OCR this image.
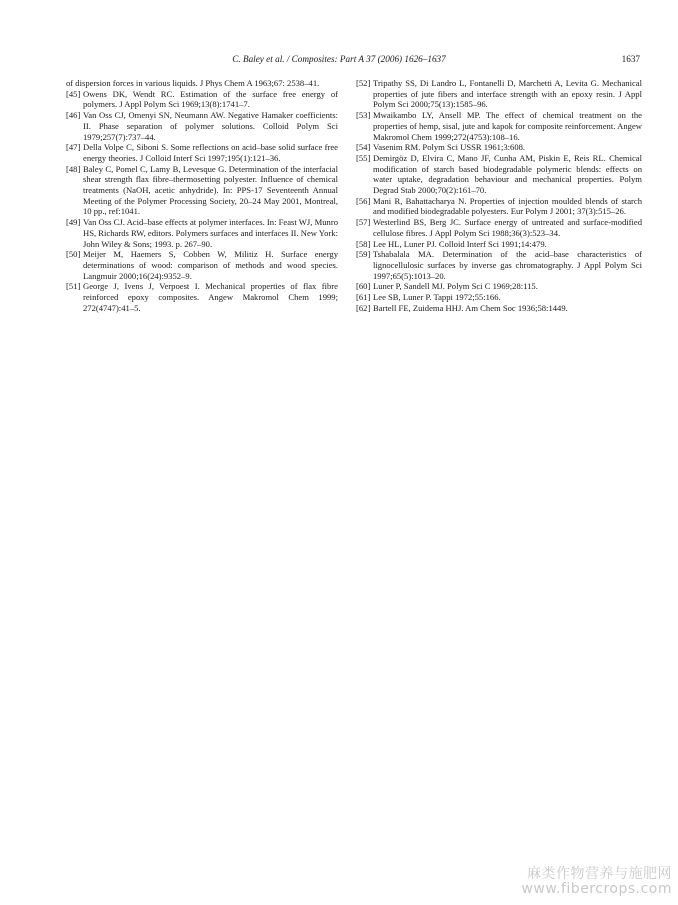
C. Baley et al. / Composites: Part A 37 (2006) 1626–1637	1637

of dispersion forces in various liquids. J Phys Chem A 1963;67: 2538–41.

[45] Owens DK, Wendt RC. Estimation of the surface free energy of polymers. J Appl Polym Sci 1969;13(8):1741–7.

[46] Van Oss CJ, Omenyi SN, Neumann AW. Negative Hamaker coefficients: II. Phase separation of polymer solutions. Colloid Polym Sci 1979;257(7):737–44.

[47] Della Volpe C, Siboni S. Some reflections on acid–base solid surface free energy theories. J Colloid Interf Sci 1997;195(1):121–36.

[48] Baley C, Pomel C, Lamy B, Levesque G. Determination of the interfacial shear strength flax fibre–thermosetting polyester. Influence of chemical treatments (NaOH, acetic anhydride). In: PPS-17 Seventeenth Annual Meeting of the Polymer Processing Society, 20–24 May 2001, Montreal, 10 pp., ref:1041.

[49] Van Oss CJ. Acid–base effects at polymer interfaces. In: Feast WJ, Munro HS, Richards RW, editors. Polymers surfaces and interfaces II. New York: John Wiley & Sons; 1993. p. 267–90.

[50] Meijer M, Haemers S, Cobben W, Militiz H. Surface energy determinations of wood: comparison of methods and wood species. Langmuir 2000;16(24):9352–9.

[51] George J, Ivens J, Verpoest I. Mechanical properties of flax fibre reinforced epoxy composites. Angew Makromol Chem 1999; 272(4747):41–5.

[52] Tripathy SS, Di Landro L, Fontanelli D, Marchetti A, Levita G. Mechanical properties of jute fibers and interface strength with an epoxy resin. J Appl Polym Sci 2000;75(13):1585–96.

[53] Mwaikambo LY, Ansell MP. The effect of chemical treatment on the properties of hemp, sisal, jute and kapok for composite reinforcement. Angew Makromol Chem 1999;272(4753):108–16.

[54] Vasenim RM. Polym Sci USSR 1961;3:608.

[55] Demirgöz D, Elvira C, Mano JF, Cunha AM, Piskin E, Reis RL. Chemical modification of starch based biodegradable polymeric blends: effects on water uptake, degradation behaviour and mechanical properties. Polym Degrad Stab 2000;70(2):161–70.

[56] Mani R, Bahattacharya N. Properties of injection moulded blends of starch and modified biodegradable polyesters. Eur Polym J 2001; 37(3):515–26.

[57] Westerlind BS, Berg JC. Surface energy of untreated and surface-modified cellulose fibres. J Appl Polym Sci 1988;36(3):523–34.

[58] Lee HL, Luner PJ. Colloid Interf Sci 1991;14:479.

[59] Tshabalala MA. Determination of the acid–base characteristics of lignocellulosic surfaces by inverse gas chromatography. J Appl Polym Sci 1997;65(5):1013–20.

[60] Luner P, Sandell MJ. Polym Sci C 1969;28:115.

[61] Lee SB, Luner P. Tappi 1972;55:166.

[62] Bartell FE, Zuidema HHJ. Am Chem Soc 1936;58:1449.

麻类作物营养与施肥网
www.fibercrops.com
